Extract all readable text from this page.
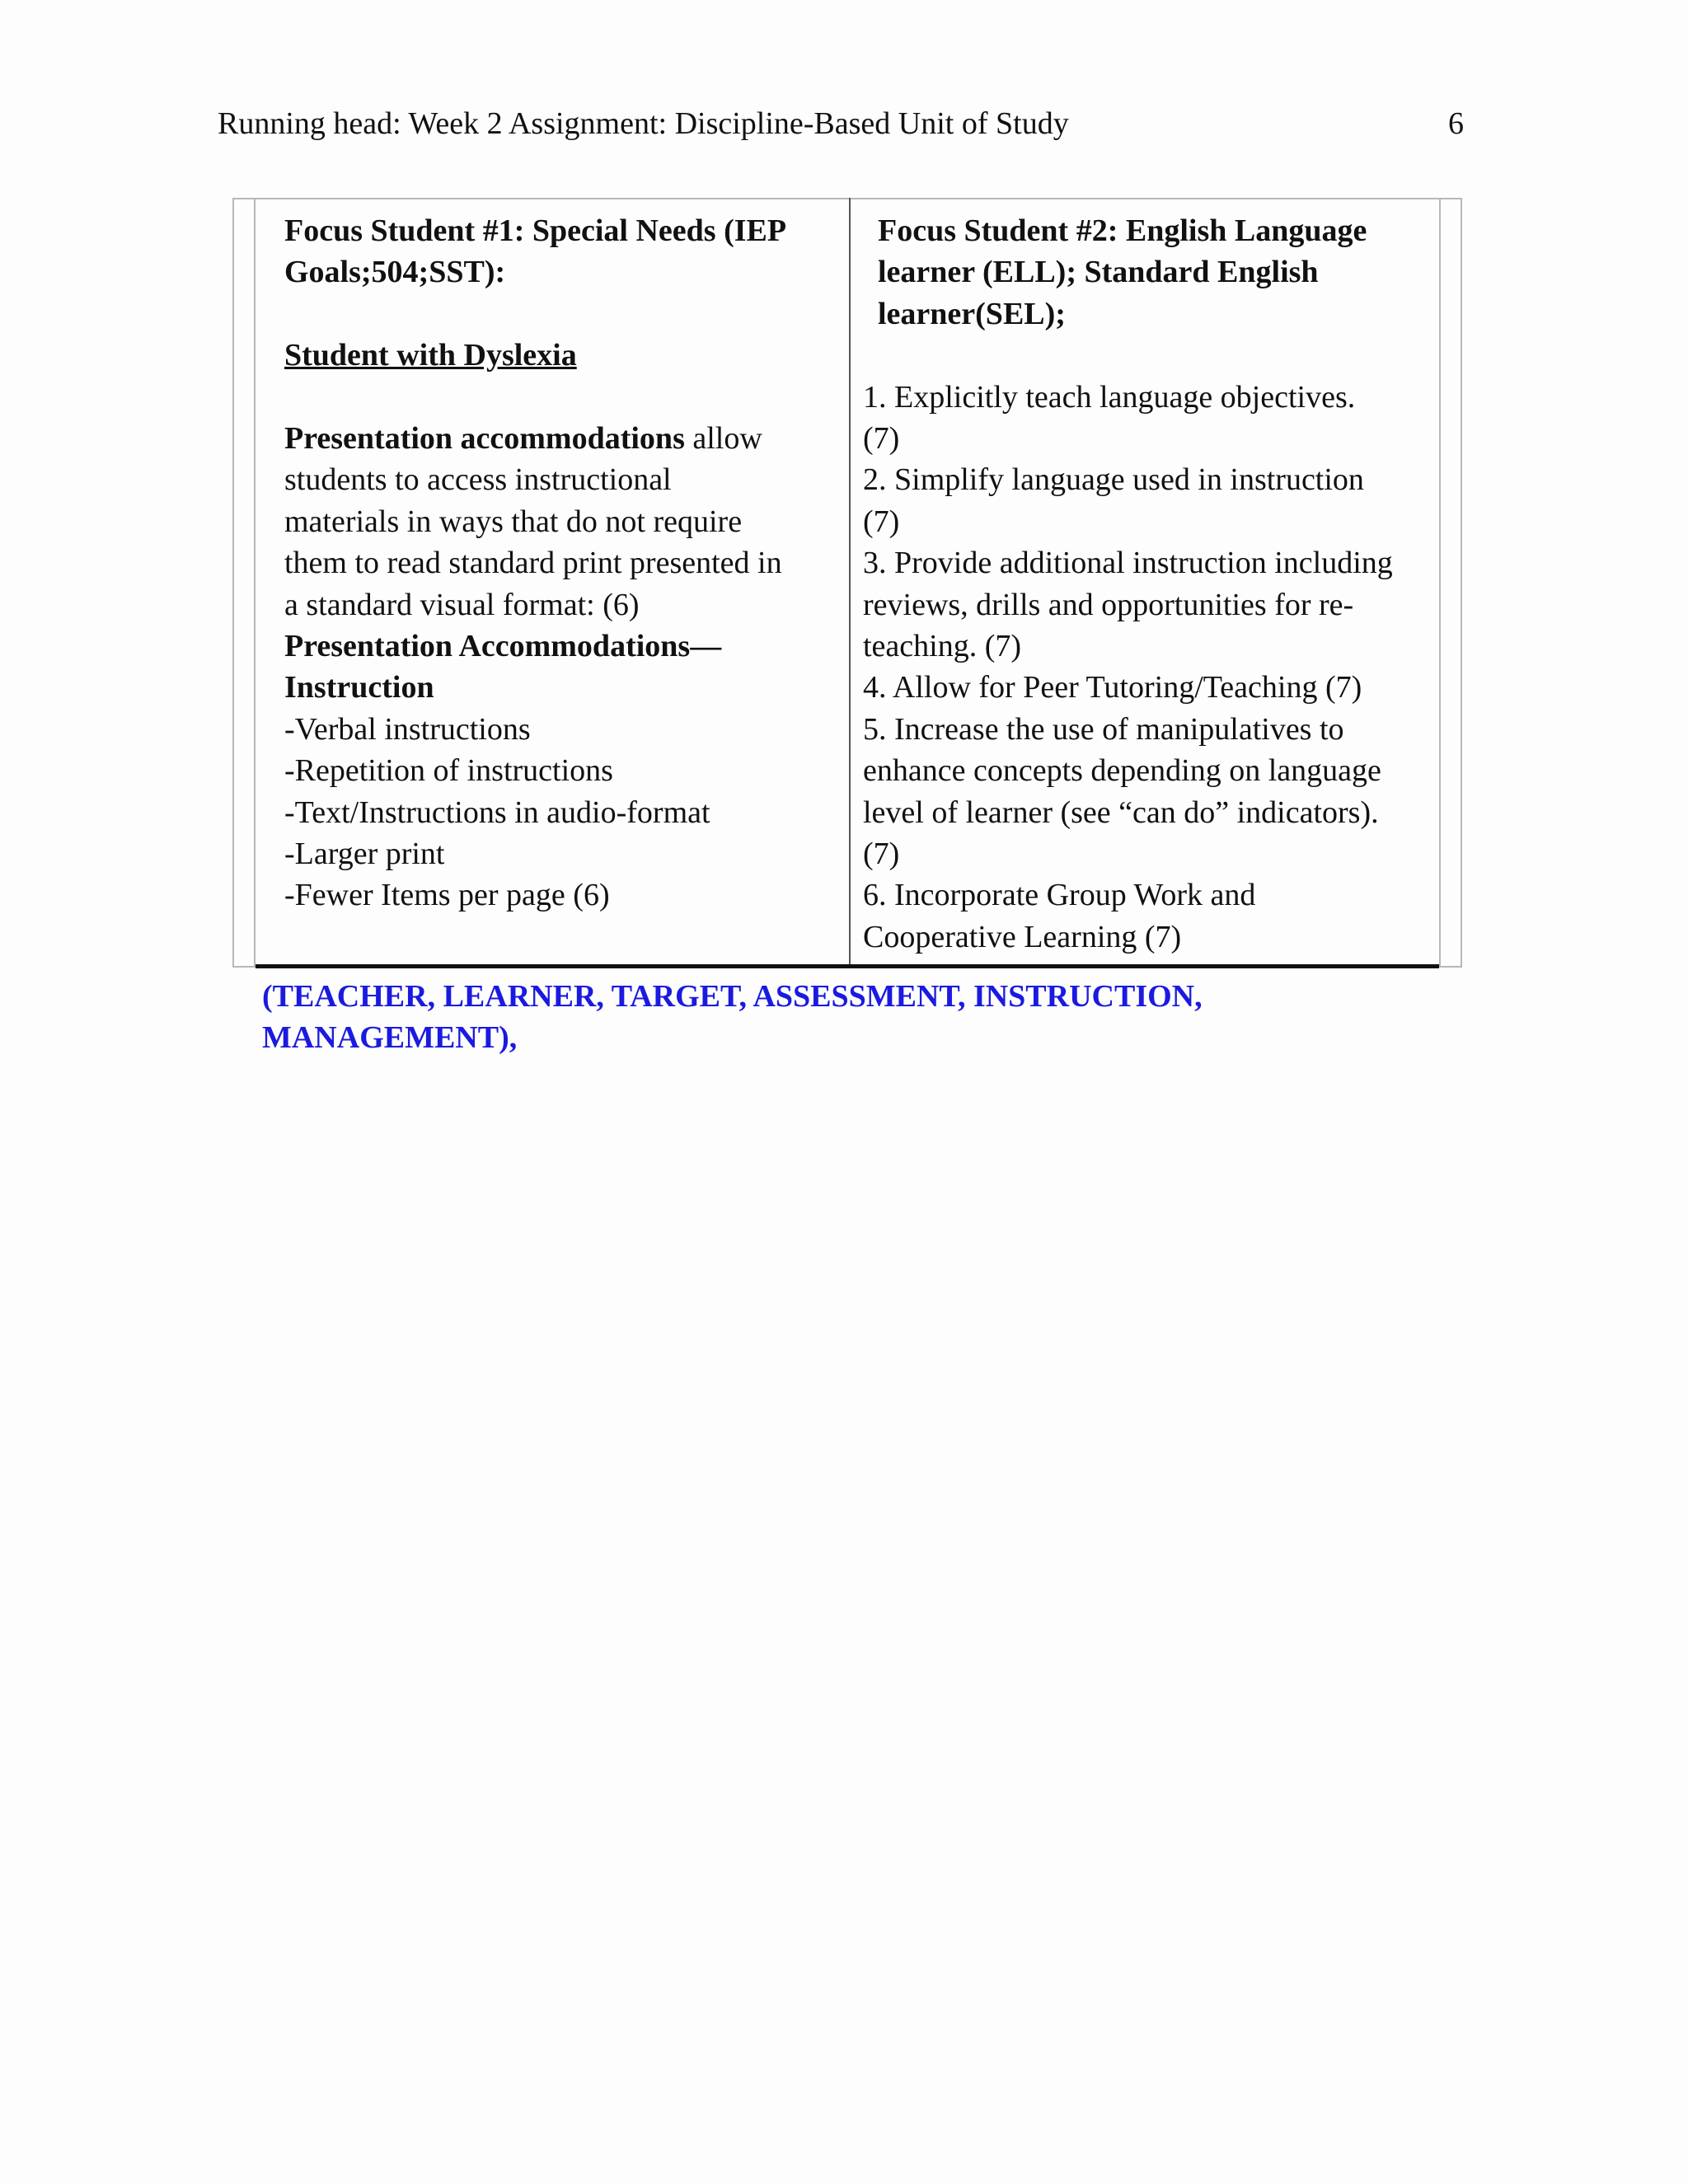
Running head: Week 2 Assignment: Discipline-Based Unit of Study	6
Focus Student #1: Special Needs (IEP
Goals;504;SST):
Student with Dyslexia
Presentation accommodations allow
students to access instructional
materials in ways that do not require
them to read standard print presented in
a standard visual format: (6)
Presentation Accommodations—
Instruction
-Verbal instructions
-Repetition of instructions
-Text/Instructions in audio-format
-Larger print
-Fewer Items per page (6)
Focus Student #2: English Language
learner (ELL); Standard English
learner(SEL);
1. Explicitly teach language objectives.
(7)
2. Simplify language used in instruction
(7)
3. Provide additional instruction including
reviews, drills and opportunities for re-
teaching. (7)
4. Allow for Peer Tutoring/Teaching (7)
5. Increase the use of manipulatives to
enhance concepts depending on language
level of learner (see “can do” indicators).
(7)
6. Incorporate Group Work and
Cooperative Learning (7)
(TEACHER, LEARNER, TARGET, ASSESSMENT, INSTRUCTION,
MANAGEMENT),
